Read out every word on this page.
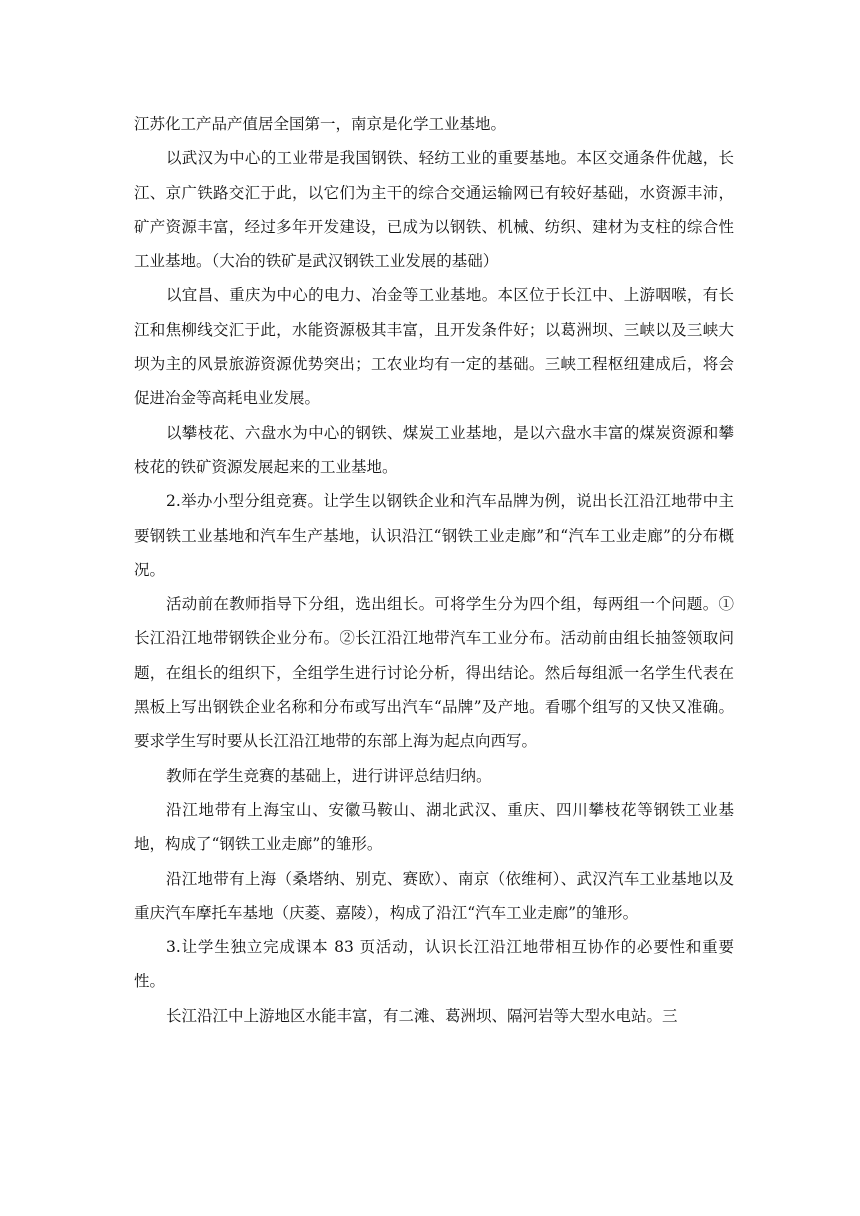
江苏化工产品产值居全国第一，南京是化学工业基地。

以武汉为中心的工业带是我国钢铁、轻纺工业的重要基地。本区交通条件优越，长江、京广铁路交汇于此，以它们为主干的综合交通运输网已有较好基础，水资源丰沛，矿产资源丰富，经过多年开发建设，已成为以钢铁、机械、纺织、建材为支柱的综合性工业基地。（大冶的铁矿是武汉钢铁工业发展的基础）

以宜昌、重庆为中心的电力、冶金等工业基地。本区位于长江中、上游咽喉，有长江和焦柳线交汇于此，水能资源极其丰富，且开发条件好；以葛洲坝、三峡以及三峡大坝为主的风景旅游资源优势突出；工农业均有一定的基础。三峡工程枢纽建成后，将会促进冶金等高耗电业发展。

以攀枝花、六盘水为中心的钢铁、煤炭工业基地，是以六盘水丰富的煤炭资源和攀枝花的铁矿资源发展起来的工业基地。

2.举办小型分组竞赛。让学生以钢铁企业和汽车品牌为例，说出长江沿江地带中主要钢铁工业基地和汽车生产基地，认识沿江“钢铁工业走廊”和“汽车工业走廊”的分布概况。

活动前在教师指导下分组，选出组长。可将学生分为四个组，每两组一个问题。①长江沿江地带钢铁企业分布。②长江沿江地带汽车工业分布。活动前由组长抽签领取问题，在组长的组织下，全组学生进行讨论分析，得出结论。然后每组派一名学生代表在黑板上写出钢铁企业名称和分布或写出汽车“品牌”及产地。看哪个组写的又快又准确。要求学生写时要从长江沿江地带的东部上海为起点向西写。

教师在学生竞赛的基础上，进行讲评总结归纳。

沿江地带有上海宝山、安徽马鞍山、湖北武汉、重庆、四川攀枝花等钢铁工业基地，构成了“钢铁工业走廊”的雏形。

沿江地带有上海（桑塔纳、别克、赛欧）、南京（依维柯）、武汉汽车工业基地以及重庆汽车摩托车基地（庆菱、嘉陵），构成了沿江“汽车工业走廊”的雏形。

3.让学生独立完成课本 83 页活动，认识长江沿江地带相互协作的必要性和重要性。

长江沿江中上游地区水能丰富，有二滩、葛洲坝、隔河岩等大型水电站。三
